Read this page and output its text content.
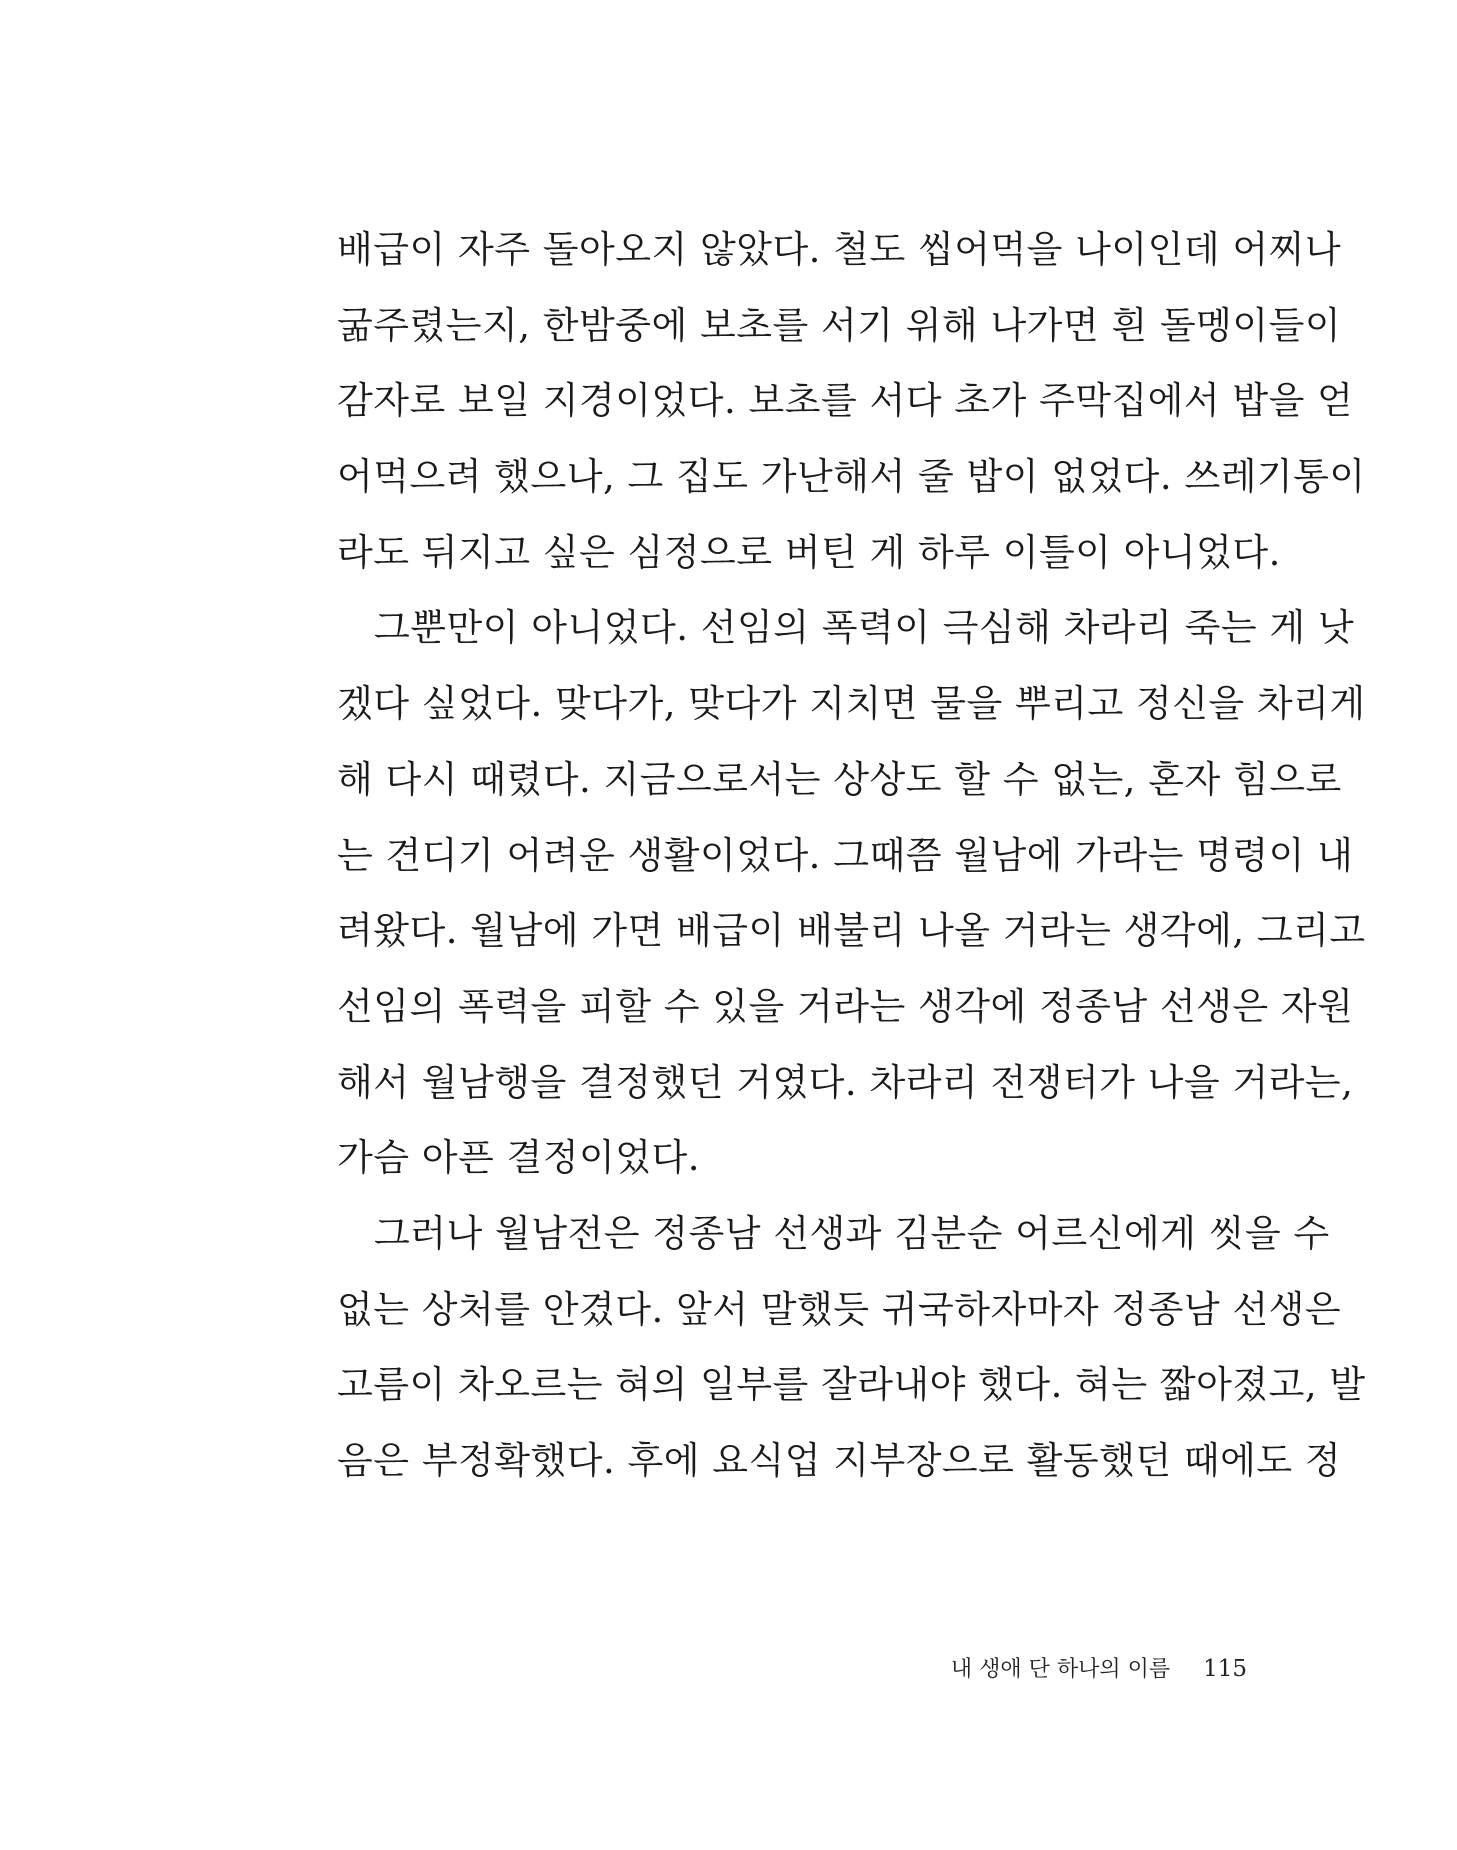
배급이 자주 돌아오지 않았다. 철도 씹어먹을 나이인데 어찌나
굶주렸는지, 한밤중에 보초를 서기 위해 나가면 흰 돌멩이들이
감자로 보일 지경이었다. 보초를 서다 초가 주막집에서 밥을 얻
어먹으려 했으나, 그 집도 가난해서 줄 밥이 없었다. 쓰레기통이
라도 뒤지고 싶은 심정으로 버틴 게 하루 이틀이 아니었다.
그뿐만이 아니었다. 선임의 폭력이 극심해 차라리 죽는 게 낫
겠다 싶었다. 맞다가, 맞다가 지치면 물을 뿌리고 정신을 차리게
해 다시 때렸다. 지금으로서는 상상도 할 수 없는, 혼자 힘으로
는 견디기 어려운 생활이었다. 그때쯤 월남에 가라는 명령이 내
려왔다. 월남에 가면 배급이 배불리 나올 거라는 생각에, 그리고
선임의 폭력을 피할 수 있을 거라는 생각에 정종남 선생은 자원
해서 월남행을 결정했던 거였다. 차라리 전쟁터가 나을 거라는,
가슴 아픈 결정이었다.
그러나 월남전은 정종남 선생과 김분순 어르신에게 씻을 수
없는 상처를 안겼다. 앞서 말했듯 귀국하자마자 정종남 선생은
고름이 차오르는 혀의 일부를 잘라내야 했다. 혀는 짧아졌고, 발
음은 부정확했다. 후에 요식업 지부장으로 활동했던 때에도 정
내 생애 단 하나의 이름 115
